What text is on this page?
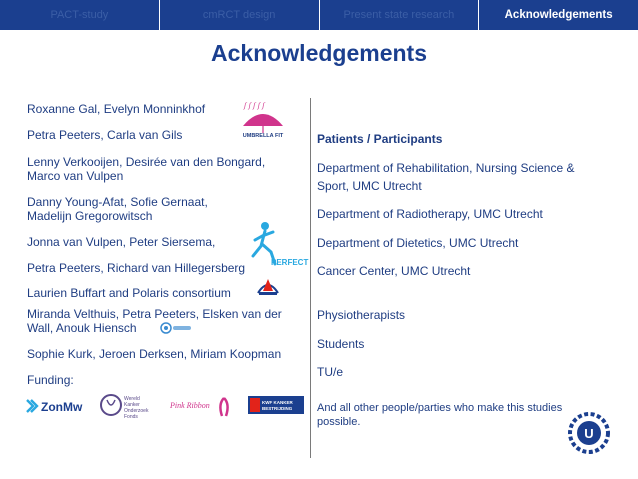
PACT-study	cmRCT design	Present state research	Acknowledgements
Acknowledgements
Roxanne Gal, Evelyn Monninkhof
Petra Peeters, Carla van Gils
Lenny Verkooijen, Desirée van den Bongard,
Marco van Vulpen
Danny Young-Afat, Sofie Gernaat,
Madelijn Gregorowitsch
Jonna van Vulpen, Peter Siersema,
Petra Peeters, Richard van Hillegersberg
Laurien Buffart and Polaris consortium
Miranda Velthuis, Petra Peeters, Elsken van der
Wall, Anouk Hiensch
Sophie Kurk, Jeroen Derksen, Miriam Koopman
Funding:
Patients / Participants
Department of Rehabilitation, Nursing Science &
Sport, UMC Utrecht
Department of Radiotherapy, UMC Utrecht
Department of Dietetics, UMC Utrecht
Cancer Center, UMC Utrecht
Physiotherapists
Students
TU/e
And all other people/parties who make this studies
possible.
ʃ ʃ ʃ ʃ ʃ
UMBRELLA FIT
PERFECT
ZonMw
Wereld
Kanker
Onderzoek
Fonds
Pink Ribbon	KWF KANKER
BESTRIJDING
U
